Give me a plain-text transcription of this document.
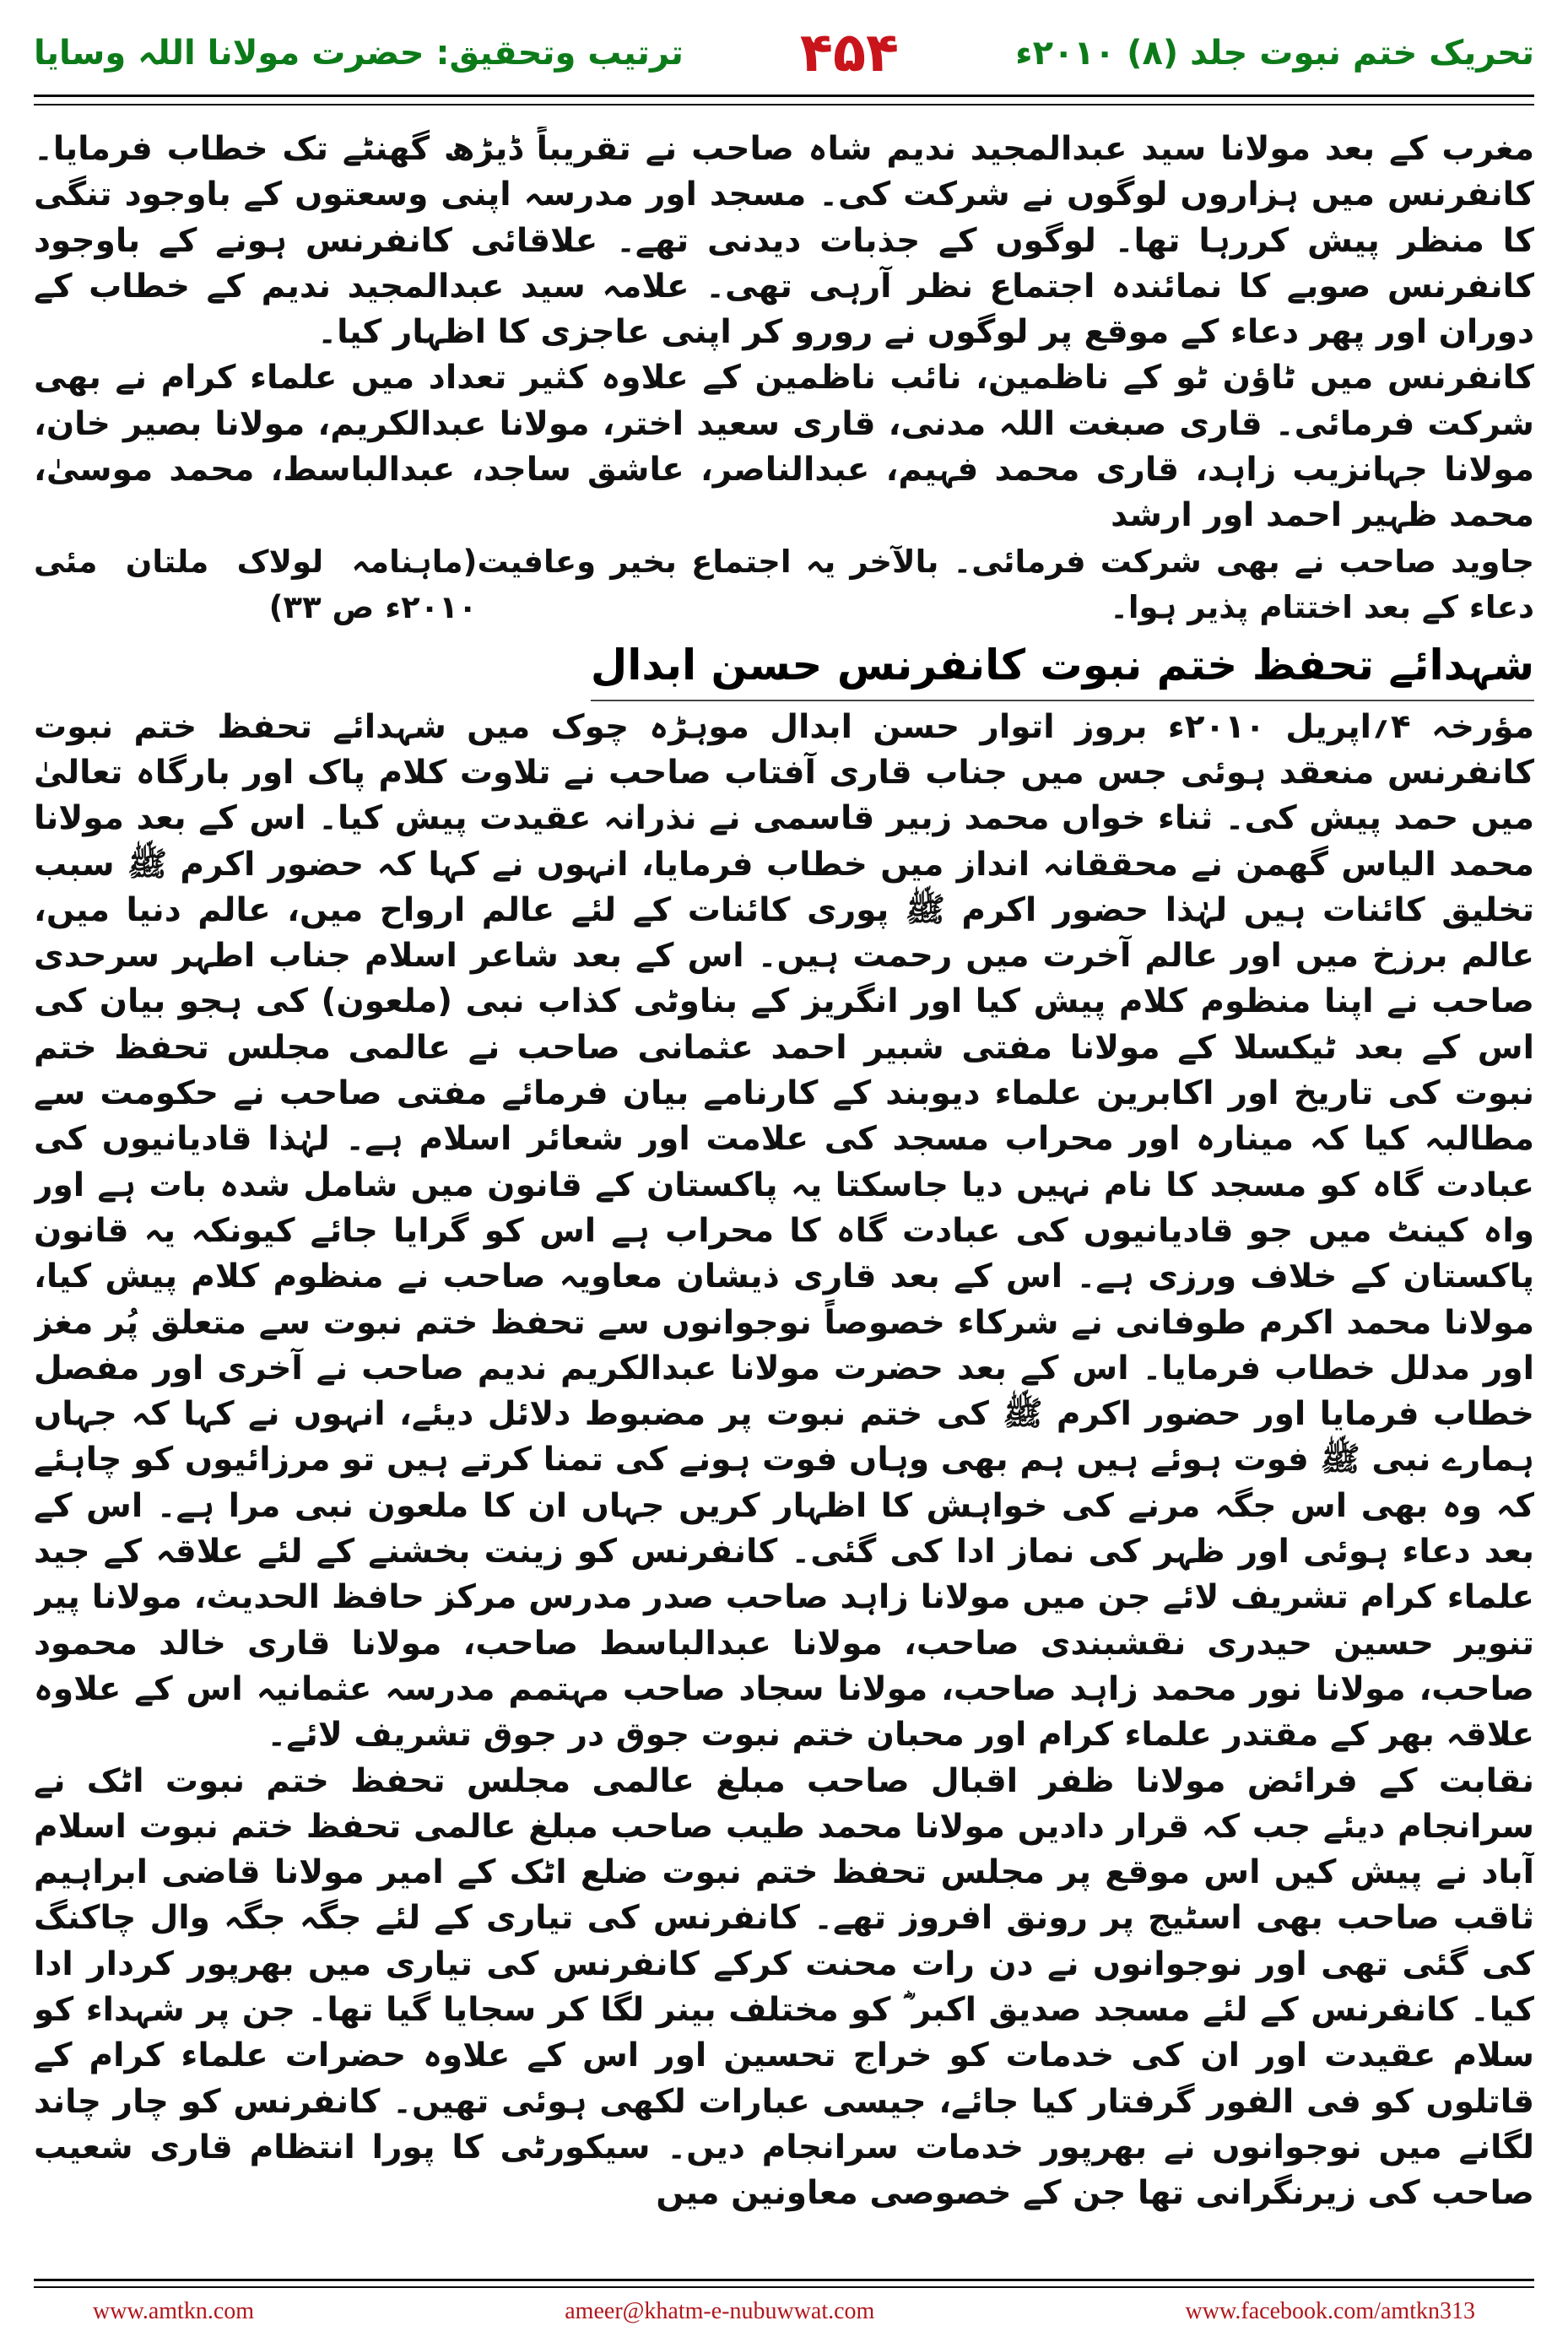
ترتیب وتحقیق: حضرت مولانا اللہ وسایا ۴۵۴	تحریک ختم نبوت جلد (۸) ۲۰۱۰ء

مغرب کے بعد مولانا سید عبدالمجید ندیم شاہ صاحب نے تقریباً ڈیڑھ گھنٹے تک خطاب فرمایا۔ کانفرنس میں ہزاروں لوگوں نے شرکت کی۔ مسجد اور مدرسہ اپنی وسعتوں کے باوجود تنگی کا منظر پیش کررہا تھا۔ لوگوں کے جذبات دیدنی تھے۔ علاقائی کانفرنس ہونے کے باوجود کانفرنس صوبے کا نمائندہ اجتماع نظر آرہی تھی۔ علامہ سید عبدالمجید ندیم کے خطاب کے دوران اور پھر دعاء کے موقع پر لوگوں نے رورو کر اپنی عاجزی کا اظہار کیا۔

کانفرنس میں ٹاؤن ٹو کے ناظمین، نائب ناظمین کے علاوہ کثیر تعداد میں علماء کرام نے بھی شرکت فرمائی۔ قاری صبغت اللہ مدنی، قاری سعید اختر، مولانا عبدالکریم، مولانا بصیر خان، مولانا جہانزیب زاہد، قاری محمد فہیم، عبدالناصر، عاشق ساجد، عبدالباسط، محمد موسیٰ، محمد ظہیر احمد اور ارشد

جاوید صاحب نے بھی شرکت فرمائی۔ بالآخر یہ اجتماع بخیر وعافیت دعاء کے بعد اختتام پذیر ہوا۔
(ماہنامہ لولاک ملتان مئی ۲۰۱۰ء ص ۳۳)
شہدائے تحفظ ختم نبوت کانفرنس حسن ابدال

مؤرخہ ۴؍اپریل ۲۰۱۰ء بروز اتوار حسن ابدال موہڑہ چوک میں شہدائے تحفظ ختم نبوت کانفرنس منعقد ہوئی جس میں جناب قاری آفتاب صاحب نے تلاوت کلام پاک اور بارگاہ تعالیٰ میں حمد پیش کی۔ ثناء خواں محمد زبیر قاسمی نے نذرانہ عقیدت پیش کیا۔ اس کے بعد مولانا محمد الیاس گھمن نے محققانہ انداز میں خطاب فرمایا، انہوں نے کہا کہ حضور اکرم ﷺ سبب تخلیق کائنات ہیں لہٰذا حضور اکرم ﷺ پوری کائنات کے لئے عالم ارواح میں، عالم دنیا میں، عالم برزخ میں اور عالم آخرت میں رحمت ہیں۔ اس کے بعد شاعر اسلام جناب اطہر سرحدی صاحب نے اپنا منظوم کلام پیش کیا اور انگریز کے بناوٹی کذاب نبی (ملعون) کی ہجو بیان کی اس کے بعد ٹیکسلا کے مولانا مفتی شبیر احمد عثمانی صاحب نے عالمی مجلس تحفظ ختم نبوت کی تاریخ اور اکابرین علماء دیوبند کے کارنامے بیان فرمائے مفتی صاحب نے حکومت سے مطالبہ کیا کہ مینارہ اور محراب مسجد کی علامت اور شعائر اسلام ہے۔ لہٰذا قادیانیوں کی عبادت گاہ کو مسجد کا نام نہیں دیا جاسکتا یہ پاکستان کے قانون میں شامل شدہ بات ہے اور واہ کینٹ میں جو قادیانیوں کی عبادت گاہ کا محراب ہے اس کو گرایا جائے کیونکہ یہ قانون پاکستان کے خلاف ورزی ہے۔ اس کے بعد قاری ذیشان معاویہ صاحب نے منظوم کلام پیش کیا، مولانا محمد اکرم طوفانی نے شرکاء خصوصاً نوجوانوں سے تحفظ ختم نبوت سے متعلق پُر مغز اور مدلل خطاب فرمایا۔ اس کے بعد حضرت مولانا عبدالکریم ندیم صاحب نے آخری اور مفصل خطاب فرمایا اور حضور اکرم ﷺ کی ختم نبوت پر مضبوط دلائل دیئے، انہوں نے کہا کہ جہاں ہمارے نبی ﷺ فوت ہوئے ہیں ہم بھی وہاں فوت ہونے کی تمنا کرتے ہیں تو مرزائیوں کو چاہئے کہ وہ بھی اس جگہ مرنے کی خواہش کا اظہار کریں جہاں ان کا ملعون نبی مرا ہے۔ اس کے بعد دعاء ہوئی اور ظہر کی نماز ادا کی گئی۔ کانفرنس کو زینت بخشنے کے لئے علاقہ کے جید علماء کرام تشریف لائے جن میں مولانا زاہد صاحب صدر مدرس مرکز حافظ الحدیث، مولانا پیر تنویر حسین حیدری نقشبندی صاحب، مولانا عبدالباسط صاحب، مولانا قاری خالد محمود صاحب، مولانا نور محمد زاہد صاحب، مولانا سجاد صاحب مہتمم مدرسہ عثمانیہ اس کے علاوہ علاقہ بھر کے مقتدر علماء کرام اور محبان ختم نبوت جوق در جوق تشریف لائے۔

نقابت کے فرائض مولانا ظفر اقبال صاحب مبلغ عالمی مجلس تحفظ ختم نبوت اٹک نے سرانجام دیئے جب کہ قرار دادیں مولانا محمد طیب صاحب مبلغ عالمی تحفظ ختم نبوت اسلام آباد نے پیش کیں اس موقع پر مجلس تحفظ ختم نبوت ضلع اٹک کے امیر مولانا قاضی ابراہیم ثاقب صاحب بھی اسٹیج پر رونق افروز تھے۔ کانفرنس کی تیاری کے لئے جگہ جگہ وال چاکنگ کی گئی تھی اور نوجوانوں نے دن رات محنت کرکے کانفرنس کی تیاری میں بھرپور کردار ادا کیا۔ کانفرنس کے لئے مسجد صدیق اکبر ؓ کو مختلف بینر لگا کر سجایا گیا تھا۔ جن پر شہداء کو سلام عقیدت اور ان کی خدمات کو خراج تحسین اور اس کے علاوہ حضرات علماء کرام کے قاتلوں کو فی الفور گرفتار کیا جائے، جیسی عبارات لکھی ہوئی تھیں۔ کانفرنس کو چار چاند لگانے میں نوجوانوں نے بھرپور خدمات سرانجام دیں۔ سیکورٹی کا پورا انتظام قاری شعیب صاحب کی زیرنگرانی تھا جن کے خصوصی معاونین میں

www.amtkn.com	ameer@khatm-e-nubuwwat.com	www.facebook.com/amtkn313
